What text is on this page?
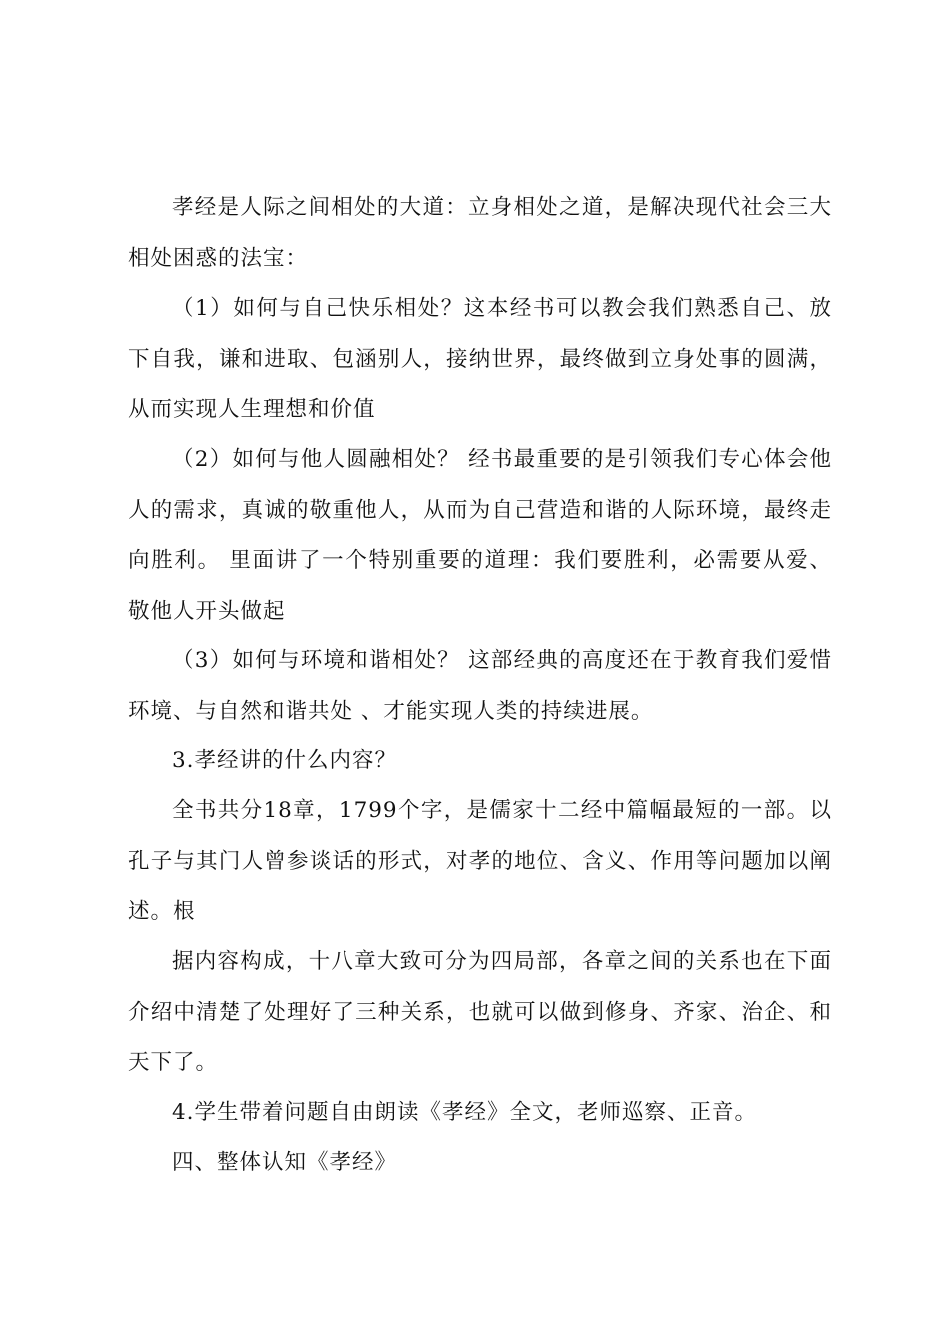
孝经是人际之间相处的大道：立身相处之道，是解决现代社会三大相处困惑的法宝：

（1）如何与自己快乐相处？这本经书可以教会我们熟悉自己、放下自我，谦和进取、包涵别人，接纳世界，最终做到立身处事的圆满，从而实现人生理想和价值

（2）如何与他人圆融相处？ 经书最重要的是引领我们专心体会他人的需求，真诚的敬重他人，从而为自己营造和谐的人际环境，最终走向胜利。 里面讲了一个特别重要的道理：我们要胜利，必需要从爱、敬他人开头做起

（3）如何与环境和谐相处？ 这部经典的高度还在于教育我们爱惜环境、与自然和谐共处 、才能实现人类的持续进展。

3.孝经讲的什么内容？

全书共分18章，1799个字，是儒家十二经中篇幅最短的一部。以孔子与其门人曾参谈话的形式，对孝的地位、含义、作用等问题加以阐述。根

据内容构成，十八章大致可分为四局部，各章之间的关系也在下面介绍中清楚了处理好了三种关系，也就可以做到修身、齐家、治企、和天下了。

4.学生带着问题自由朗读《孝经》全文，老师巡察、正音。

四、整体认知《孝经》
